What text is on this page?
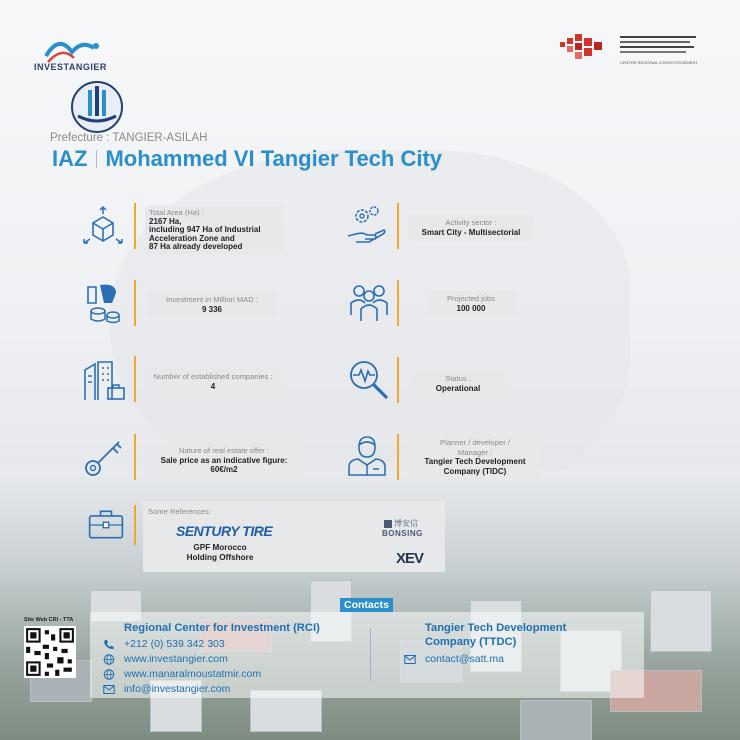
INVESTANGIER	CENTRE RÉGIONAL D'INVESTISSEMENT
Prefecture : TANGIER-ASILAH
IAZ Mohammed VI Tangier Tech City
Total Area (Ha) :
2167 Ha,
including 947 Ha of Industrial
Acceleration Zone and
87 Ha already developed
Activity sector :
Smart City - Multisectorial
Investment in Million MAD :
9 336
Projected jobs
100 000
Number of established companies :
4
Status :
Operational
Nature of real estate offer :
Sale price as an indicative figure:
60€/m2
Planner / developer /
Manager :
Tangier Tech Development
Company (TIDC)
Some References:
SENTURY TIRE
GPF Morocco
Holding Offshore
博安信
BONSING
XEV
Contacts
Site Web CRI - TTA
Regional Center for Investment (RCI)
+212 (0) 539 342 303
www.investangier.com
www.manaralmoustatmir.com
info@investangier.com
Tangier Tech Development
Company (TTDC)
contact@satt.ma
